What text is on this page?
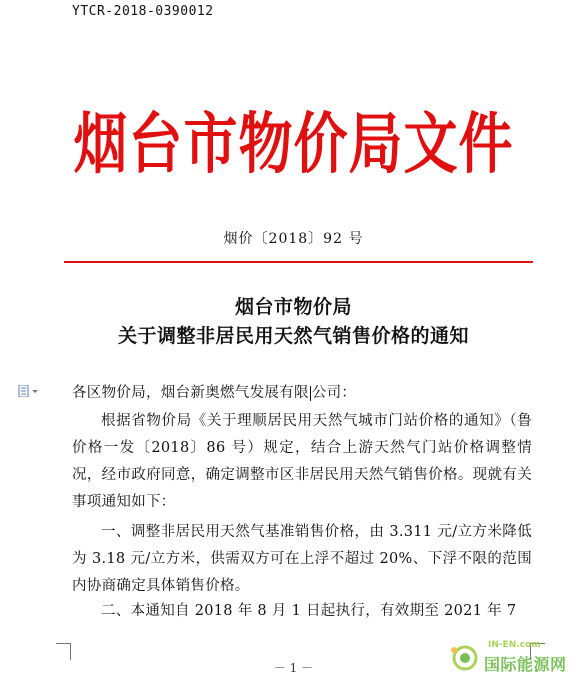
YTCR-2018-0390012
烟台市物价局文件
烟价〔2018〕92 号
烟台市物价局
关于调整非居民用天然气销售价格的通知

各区物价局，烟台新奥燃气发展有限 公司：

根据省物价局《关于理顺居民用天然气城市门站价格的通知》（鲁价格一发〔2018〕86 号）规定，结合上游天然气门站价格调整情况，经市政府同意，确定调整市区非居民用天然气销售价格。现就有关事项通知如下：

一、调整非居民用天然气基准销售价格，由 3.311 元/立方米降低为 3.18 元/立方米，供需双方可在上浮不超过 20%、下浮不限的范围内协商确定具体销售价格。

二、本通知自 2018 年 8 月 1 日起执行，有效期至 2021 年 7

－ 1 －
IN-EN.com
国际能源网
